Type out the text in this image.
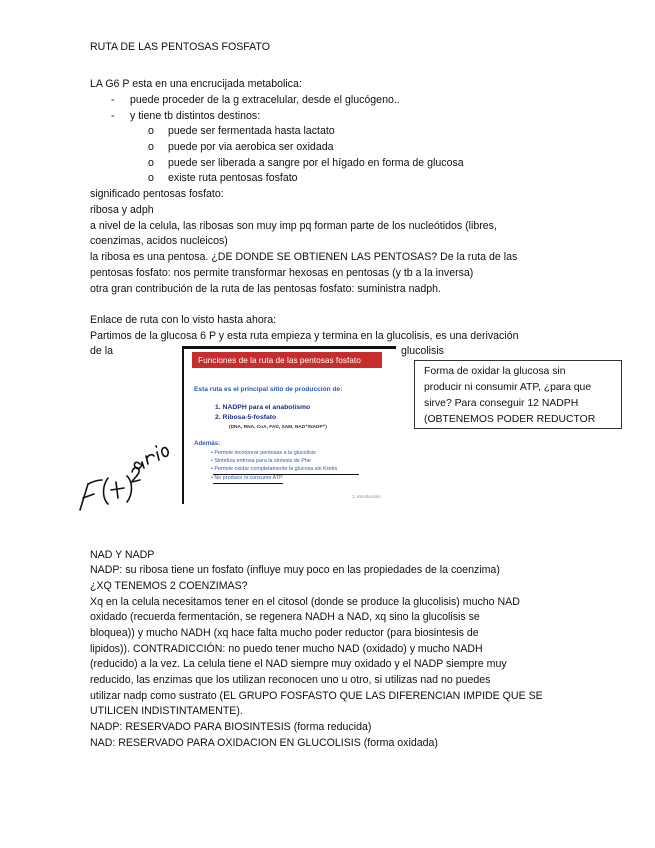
RUTA DE LAS PENTOSAS FOSFATO
LA G6 P esta en una encrucijada metabolica:
- puede proceder de la g extracelular, desde el glucógeno..
- y tiene tb distintos destinos:
o puede ser fermentada hasta lactato
o puede por via aerobica ser oxidada
o puede ser liberada a sangre por el hígado en forma de glucosa
o existe ruta pentosas fosfato
significado pentosas fosfato:
ribosa y adph
a nivel de la celula, las ribosas son muy imp pq forman parte de los nucleótidos (libres,
coenzimas, acidos nucleicos)
la ribosa es una pentosa. ¿DE DONDE SE OBTIENEN LAS PENTOSAS? De la ruta de las
pentosas fosfato: nos permite transformar hexosas en pentosas (y tb a la inversa)
otra gran contribución de la ruta de las pentosas fosfato: suministra nadph.
Enlace de ruta con lo visto hasta ahora:
Partimos de la glucosa 6 P y esta ruta empieza y termina en la glucolisis, es una derivación
de la	glucolisis
Funciones de la ruta de las pentosas fosfato
Esta ruta es el principal sitio de producción de:
1. NADPH para el anabolismo
2. Ribosa-5-fosfato
(DNA, RNA, CoA, FAD, SAM, NAD⁺/NADP⁺)
Además:
• Permite incorporar pentosas a la glucolisis
• Sintetiza eritrosa para la síntesis de Phe
• Permite oxidar completamente la glucosa sin Krebs
• No produce ni consume ATP
1. Introducción
Forma de oxidar la glucosa sin
producir ni consumir ATP, ¿para que
sirve? Para conseguir 12 NADPH
(OBTENEMOS PODER REDUCTOR
NAD Y NADP
NADP: su ribosa tiene un fosfato (influye muy poco en las propiedades de la coenzima)
¿XQ TENEMOS 2 COENZIMAS?
Xq en la celula necesitamos tener en el citosol (donde se produce la glucolisis) mucho NAD
oxidado (recuerda fermentación, se regenera NADH a NAD, xq sino la glucolisis se
bloquea)) y mucho NADH (xq hace falta mucho poder reductor (para biosintesis de
lipidos)). CONTRADICCIÓN: no puedo tener mucho NAD (oxidado) y mucho NADH
(reducido) a la vez. La celula tiene el NAD siempre muy oxidado y el NADP siempre muy
reducido, las enzimas que los utilizan reconocen uno u otro, si utilizas nad no puedes
utilizar nadp como sustrato (EL GRUPO FOSFASTO QUE LAS DIFERENCIAN IMPIDE QUE SE
UTILICEN INDISTINTAMENTE).
NADP: RESERVADO PARA BIOSINTESIS (forma reducida)
NAD: RESERVADO PARA OXIDACION EN GLUCOLISIS (forma oxidada)
